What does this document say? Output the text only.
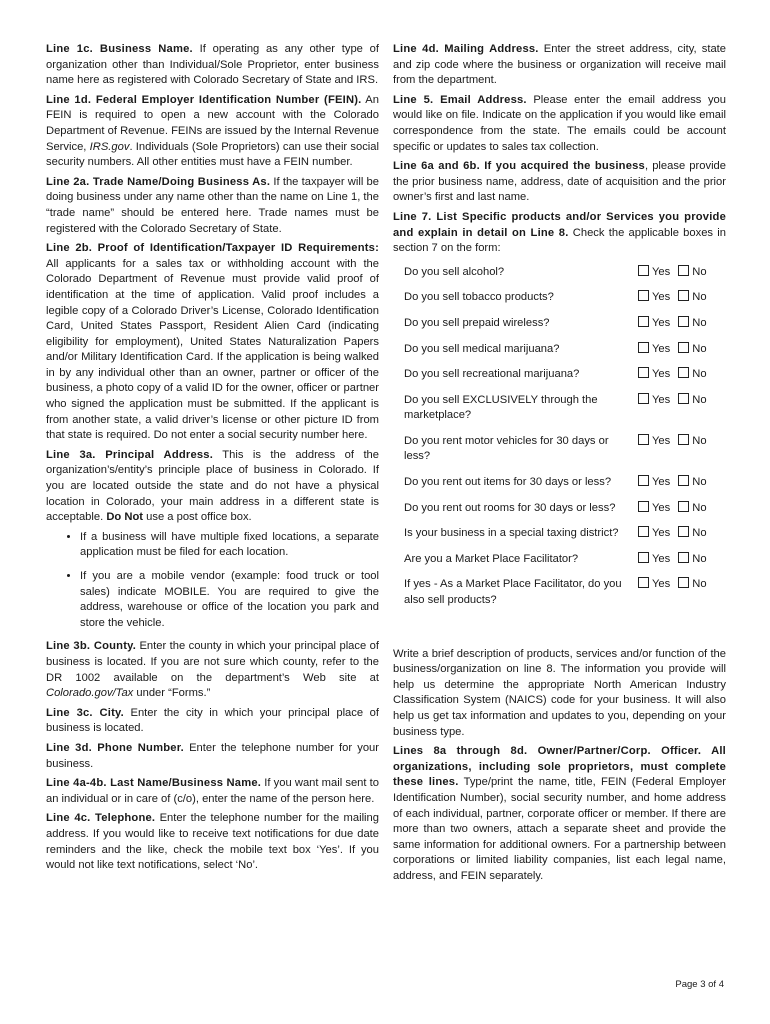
Line 1c. Business Name. If operating as any other type of organization other than Individual/Sole Proprietor, enter business name here as registered with Colorado Secretary of State and IRS.

Line 1d. Federal Employer Identification Number (FEIN). An FEIN is required to open a new account with the Colorado Department of Revenue. FEINs are issued by the Internal Revenue Service, IRS.gov. Individuals (Sole Proprietors) can use their social security numbers. All other entities must have a FEIN number.

Line 2a. Trade Name/Doing Business As. If the taxpayer will be doing business under any name other than the name on Line 1, the “trade name” should be entered here. Trade names must be registered with the Colorado Secretary of State.

Line 2b. Proof of Identification/Taxpayer ID Requirements: All applicants for a sales tax or withholding account with the Colorado Department of Revenue must provide valid proof of identification at the time of application. Valid proof includes a legible copy of a Colorado Driver’s License, Colorado Identification Card, United States Passport, Resident Alien Card (indicating eligibility for employment), United States Naturalization Papers and/or Military Identification Card. If the application is being walked in by any individual other than an owner, partner or officer of the business, a photo copy of a valid ID for the owner, officer or partner who signed the application must be submitted. If the applicant is from another state, a valid driver’s license or other picture ID from that state is required. Do not enter a social security number here.

Line 3a. Principal Address. This is the address of the organization’s/entity’s principle place of business in Colorado. If you are located outside the state and do not have a physical location in Colorado, your main address in a different state is acceptable. Do Not use a post office box.

• If a business will have multiple fixed locations, a separate application must be filed for each location.
• If you are a mobile vendor (example: food truck or tool sales) indicate MOBILE. You are required to give the address, warehouse or office of the location you park and store the vehicle.

Line 3b. County. Enter the county in which your principal place of business is located. If you are not sure which county, refer to the DR 1002 available on the department’s Web site at Colorado.gov/Tax under “Forms.”

Line 3c. City. Enter the city in which your principal place of business is located.

Line 3d. Phone Number. Enter the telephone number for your business.

Line 4a-4b. Last Name/Business Name. If you want mail sent to an individual or in care of (c/o), enter the name of the person here.

Line 4c. Telephone. Enter the telephone number for the mailing address. If you would like to receive text notifications for due date reminders and the like, check the mobile text box ‘Yes’. If you would not like text notifications, select ‘No’.

Line 4d. Mailing Address. Enter the street address, city, state and zip code where the business or organization will receive mail from the department.

Line 5. Email Address. Please enter the email address you would like on file. Indicate on the application if you would like email correspondence from the state. The emails could be account specific or updates to sales tax collection.

Line 6a and 6b. If you acquired the business, please provide the prior business name, address, date of acquisition and the prior owner’s first and last name.

Line 7. List Specific products and/or Services you provide and explain in detail on Line 8. Check the applicable boxes in section 7 on the form:

Do you sell alcohol?	Yes No
Do you sell tobacco products?	Yes No
Do you sell prepaid wireless?	Yes No
Do you sell medical marijuana?	Yes No
Do you sell recreational marijuana?	Yes No
Do you sell EXCLUSIVELY through the marketplace?	Yes No
Do you rent motor vehicles for 30 days or less?	Yes No
Do you rent out items for 30 days or less?	Yes No
Do you rent out rooms for 30 days or less?	Yes No
Is your business in a special taxing district?	Yes No
Are you a Market Place Facilitator?	Yes No
If yes - As a Market Place Facilitator, do you also sell products?	Yes No

Write a brief description of products, services and/or function of the business/organization on line 8. The information you provide will help us determine the appropriate North American Industry Classification System (NAICS) code for your business. It will also help us get tax information and updates to you, depending on your business type.

Lines 8a through 8d. Owner/Partner/Corp. Officer. All organizations, including sole proprietors, must complete these lines. Type/print the name, title, FEIN (Federal Employer Identification Number), social security number, and home address of each individual, partner, corporate officer or member. If there are more than two owners, attach a separate sheet and provide the same information for additional owners. For a partnership between corporations or limited liability companies, list each legal name, address, and FEIN separately.

Page 3 of 4
